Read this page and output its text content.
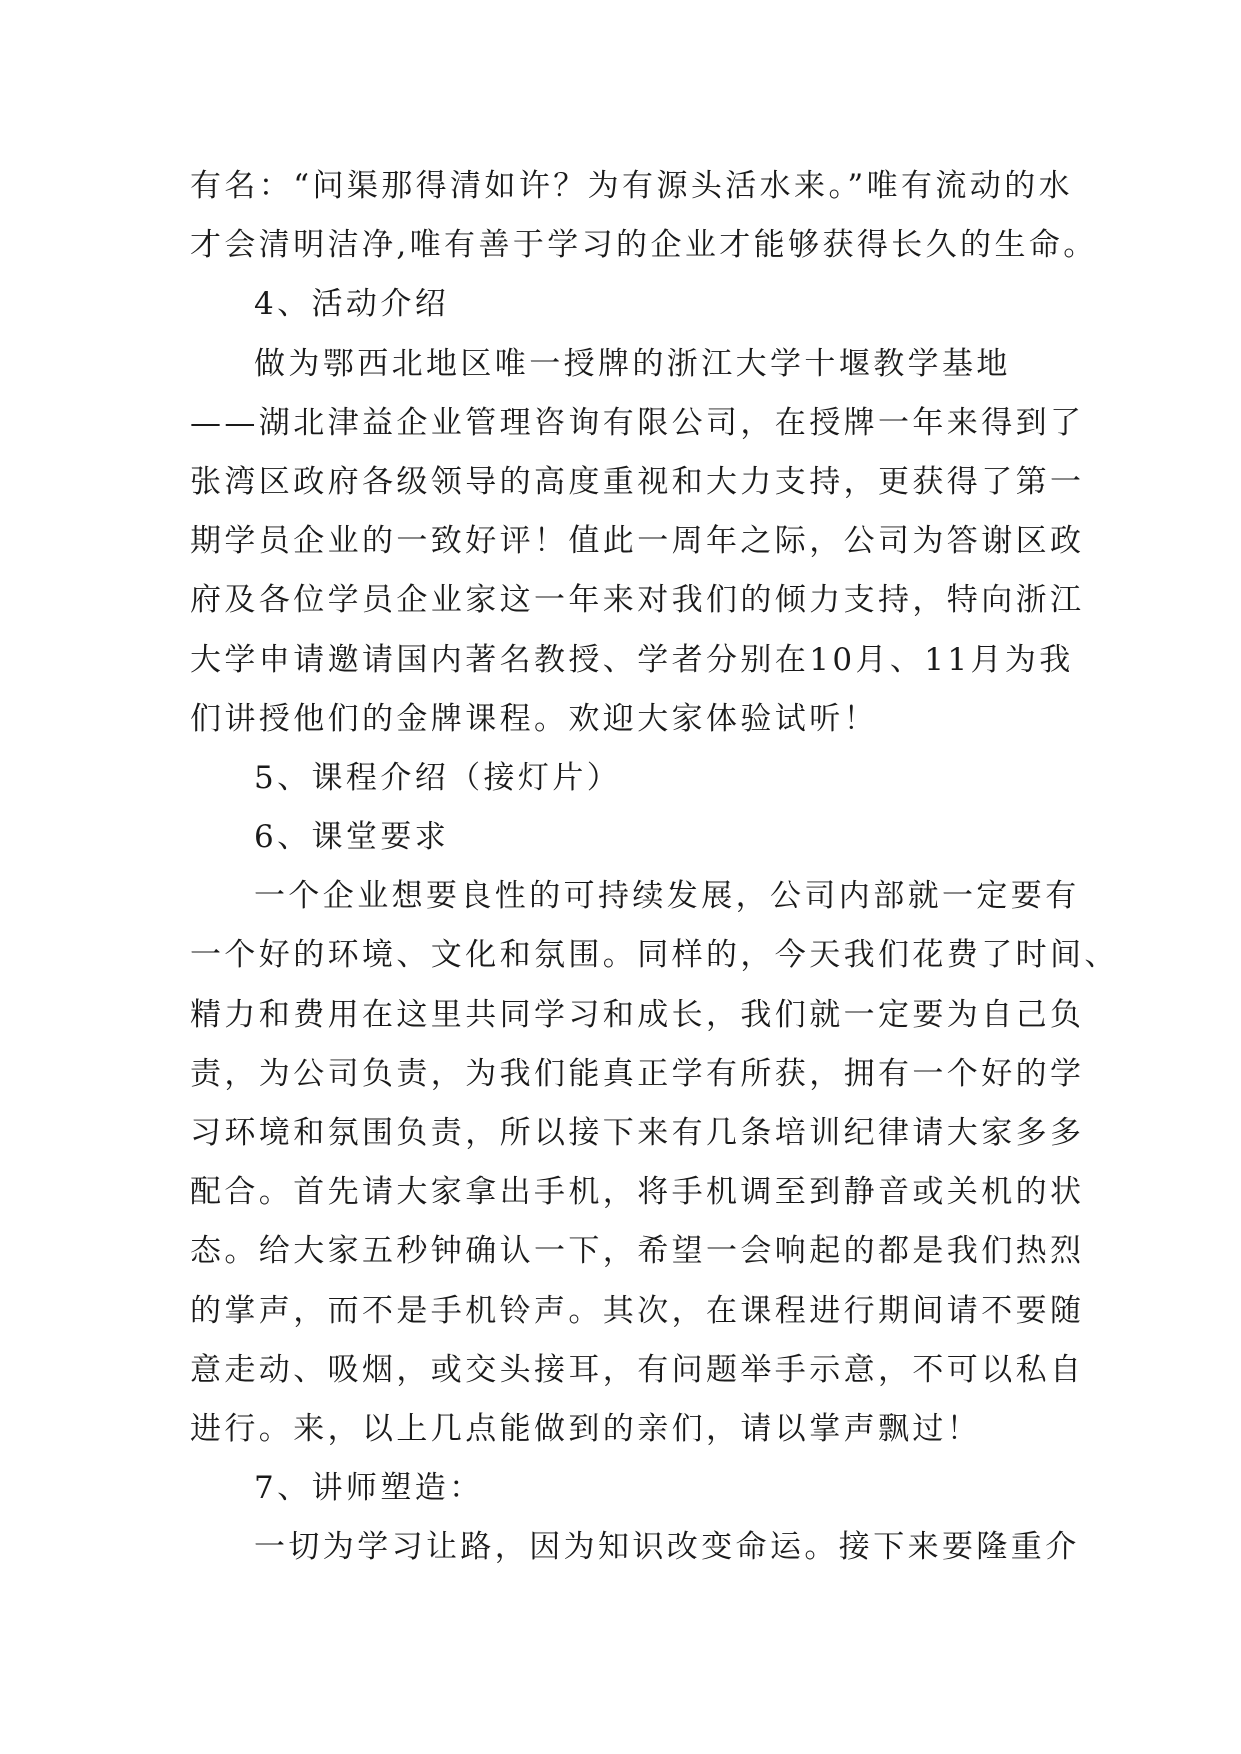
有名：“问渠那得清如许？为有源头活水来。”唯有流动的水
才会清明洁净,唯有善于学习的企业才能够获得长久的生命。
4、活动介绍
做为鄂西北地区唯一授牌的浙江大学十堰教学基地
——湖北津益企业管理咨询有限公司，在授牌一年来得到了
张湾区政府各级领导的高度重视和大力支持，更获得了第一
期学员企业的一致好评！值此一周年之际，公司为答谢区政
府及各位学员企业家这一年来对我们的倾力支持，特向浙江
大学申请邀请国内著名教授、学者分别在10月、11月为我
们讲授他们的金牌课程。欢迎大家体验试听！
5、课程介绍（接灯片）
6、课堂要求
一个企业想要良性的可持续发展，公司内部就一定要有
一个好的环境、文化和氛围。同样的，今天我们花费了时间、
精力和费用在这里共同学习和成长，我们就一定要为自己负
责，为公司负责，为我们能真正学有所获，拥有一个好的学
习环境和氛围负责，所以接下来有几条培训纪律请大家多多
配合。首先请大家拿出手机，将手机调至到静音或关机的状
态。给大家五秒钟确认一下，希望一会响起的都是我们热烈
的掌声，而不是手机铃声。其次，在课程进行期间请不要随
意走动、吸烟，或交头接耳，有问题举手示意，不可以私自
进行。来，以上几点能做到的亲们，请以掌声飘过！
7、讲师塑造：
一切为学习让路，因为知识改变命运。接下来要隆重介
